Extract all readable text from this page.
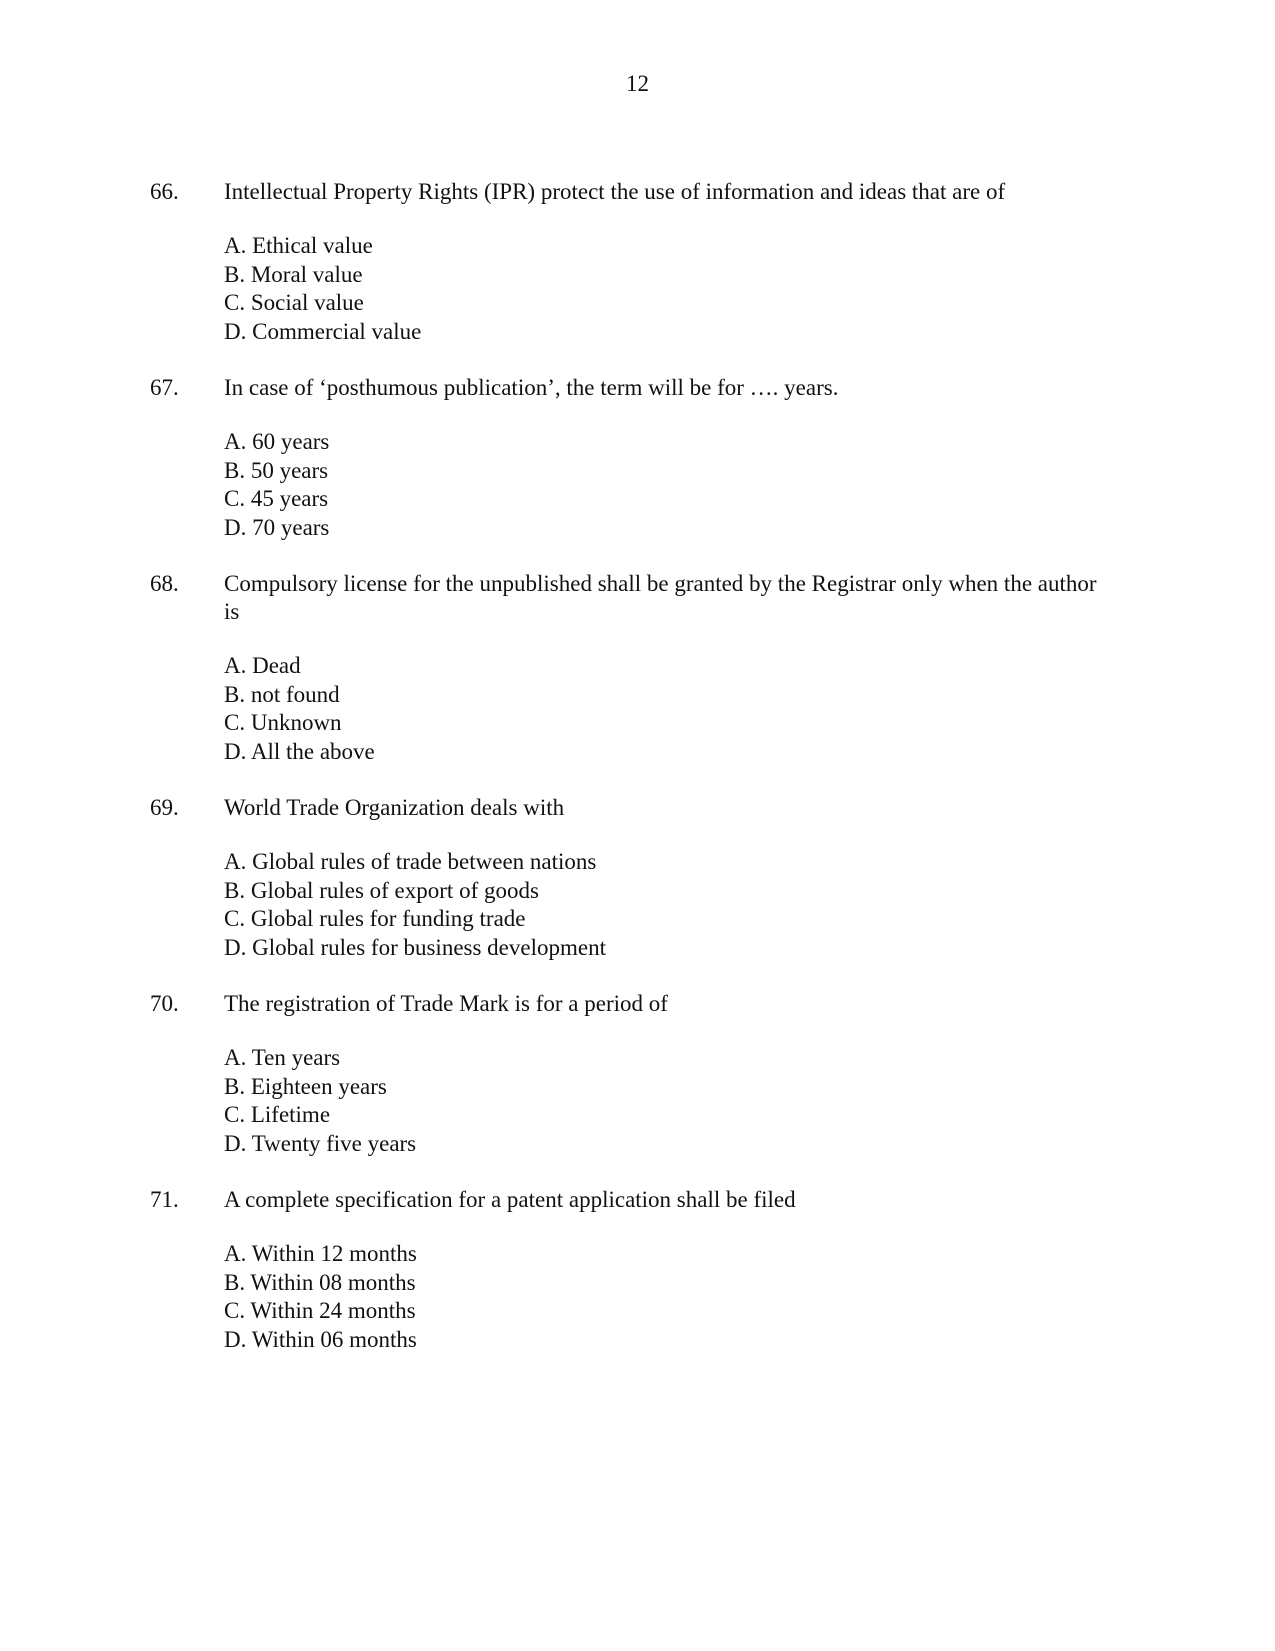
12
66. Intellectual Property Rights (IPR) protect the use of information and ideas that are of
A. Ethical value
B. Moral value
C. Social value
D. Commercial value
67. In case of ‘posthumous publication’, the term will be for …. years.
A. 60 years
B. 50 years
C. 45 years
D. 70 years
68. Compulsory license for the unpublished shall be granted by the Registrar only when the author is
A. Dead
B. not found
C. Unknown
D. All the above
69. World Trade Organization deals with
A. Global rules of trade between nations
B. Global rules of export of goods
C. Global rules for funding trade
D. Global rules for business development
70. The registration of Trade Mark is for a period of
A. Ten years
B. Eighteen years
C. Lifetime
D. Twenty five years
71. A complete specification for a patent application shall be filed
A. Within 12 months
B. Within 08 months
C. Within 24 months
D. Within 06 months
